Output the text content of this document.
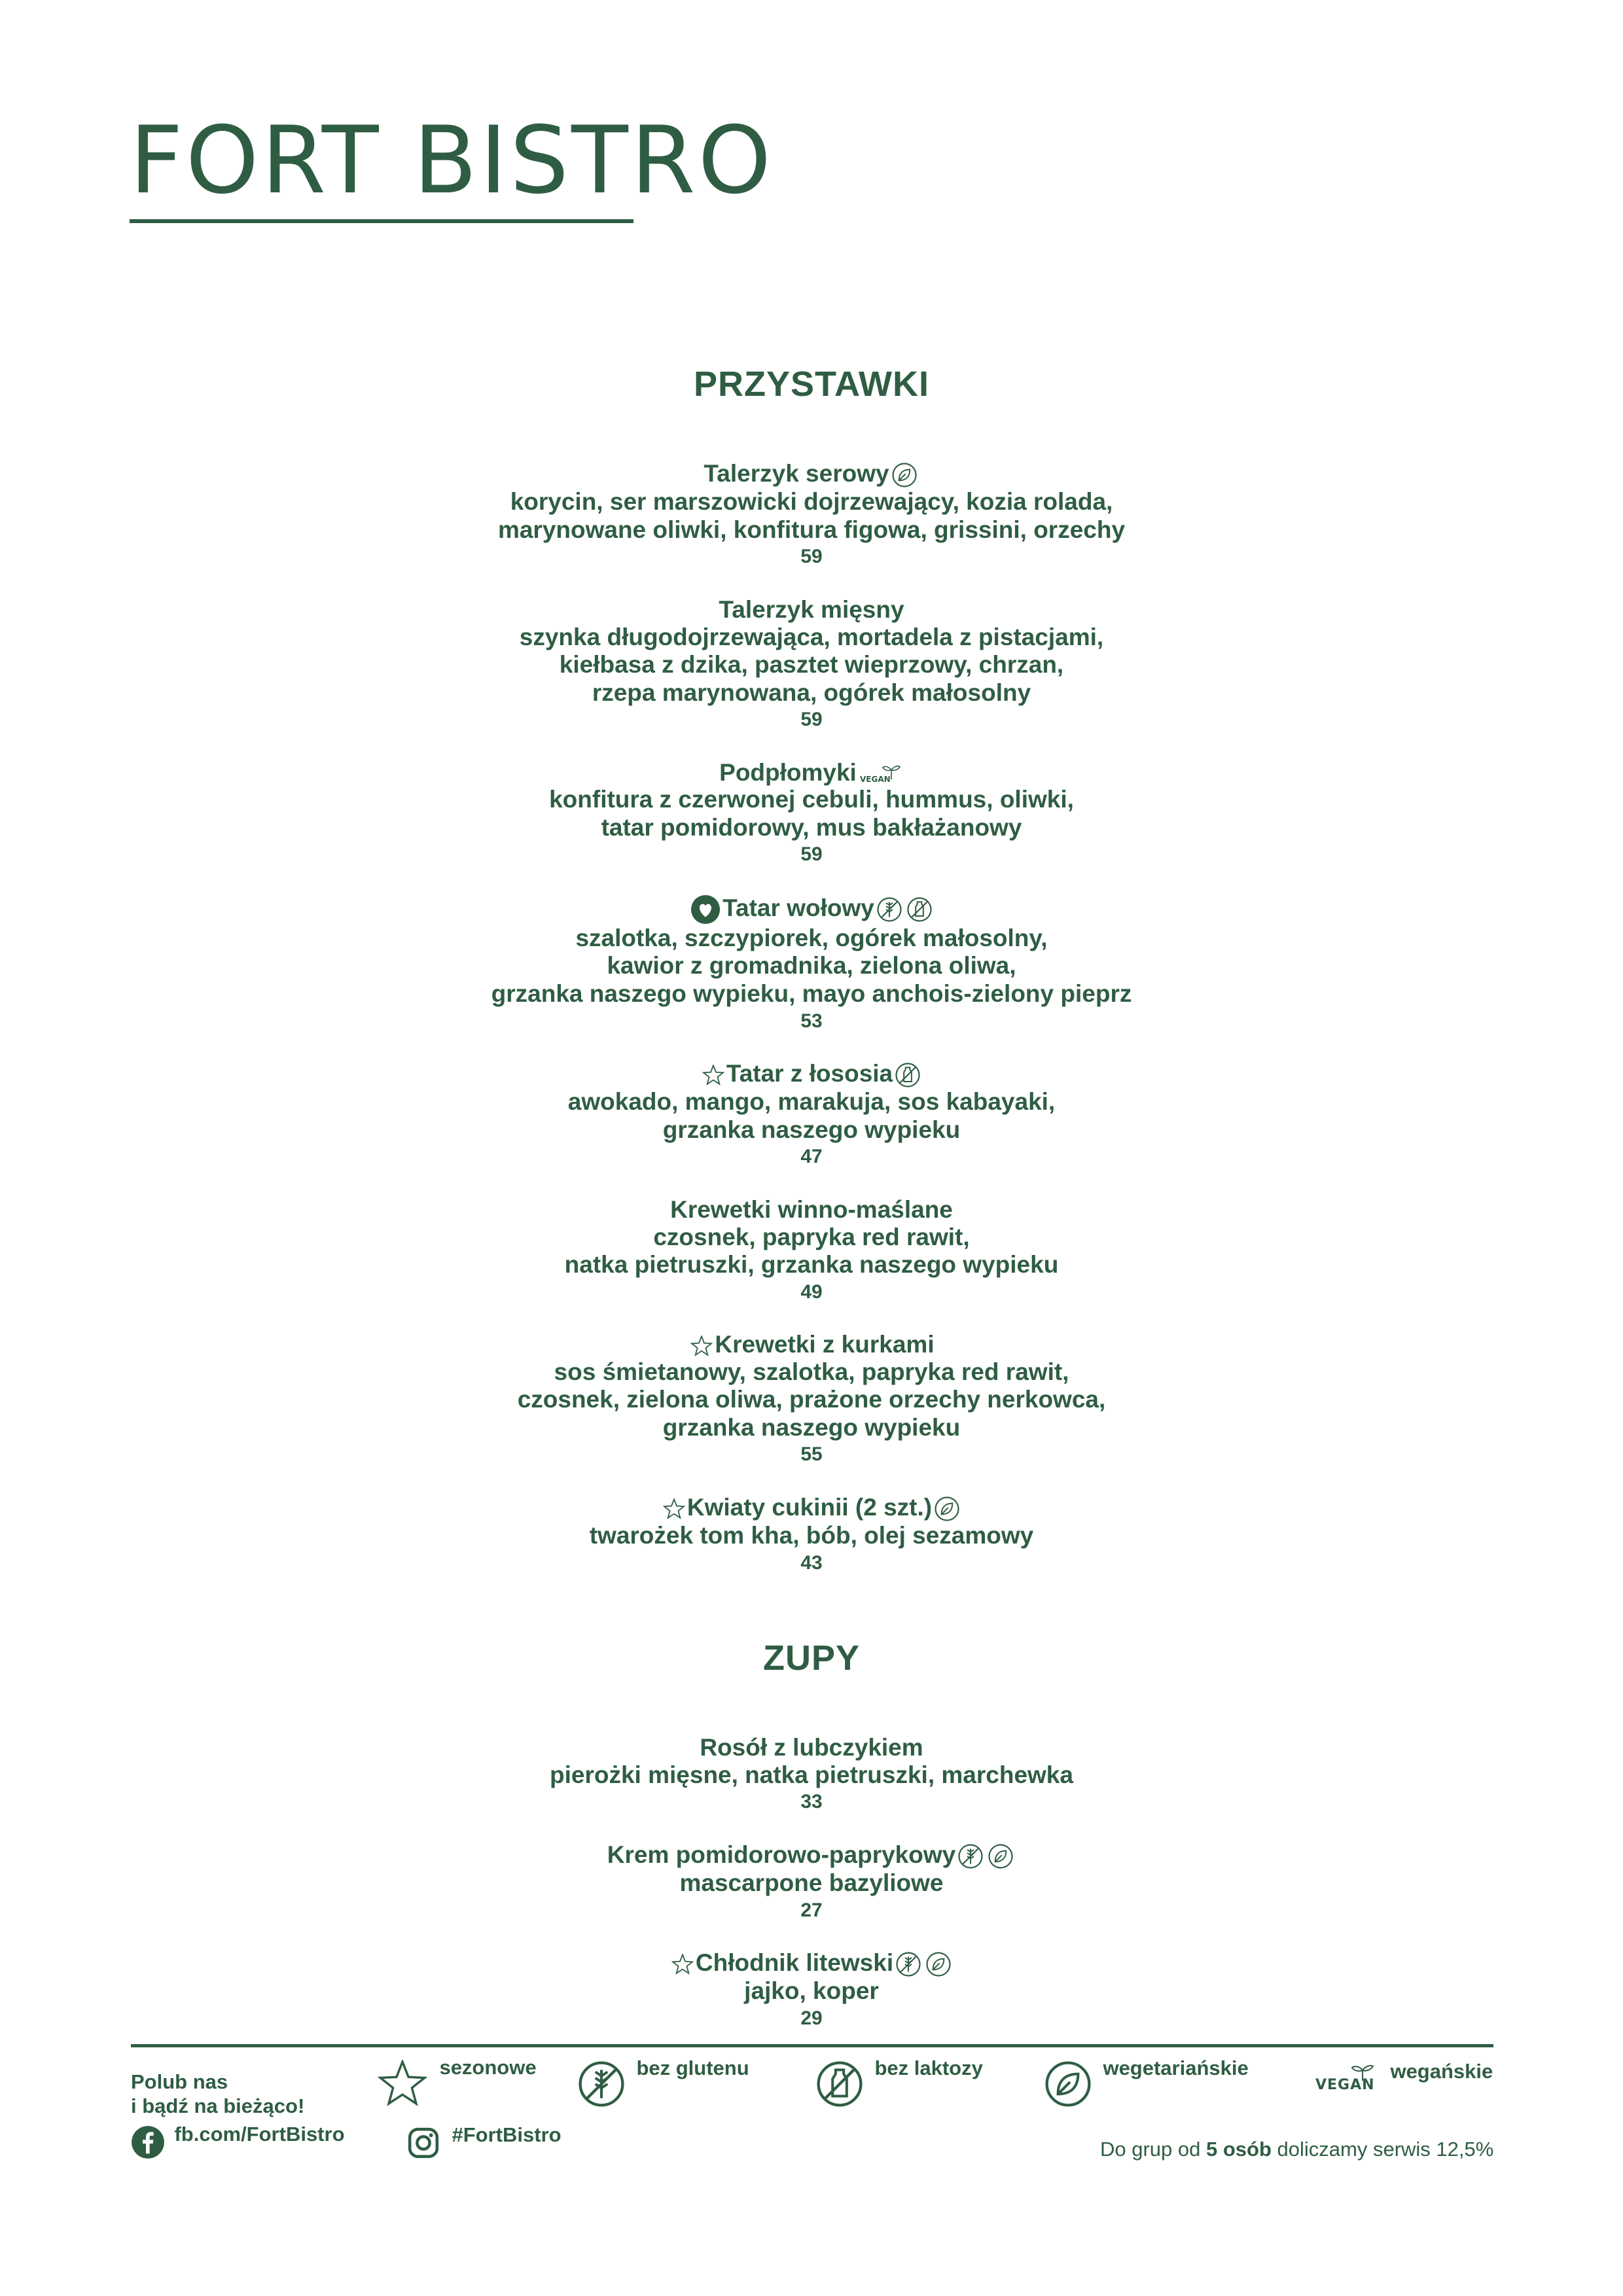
FORT BISTRO
PRZYSTAWKI
Talerzyk serowy
korycin, ser marszowicki dojrzewający, kozia rolada,
marynowane oliwki, konfitura figowa, grissini, orzechy
59
Talerzyk mięsny
szynka długodojrzewająca, mortadela z pistacjami,
kiełbasa z dzika, pasztet wieprzowy, chrzan,
rzepa marynowana, ogórek małosolny
59
Podpłomyki VEGAN
konfitura z czerwonej cebuli, hummus, oliwki,
tatar pomidorowy, mus bakłażanowy
59
Tatar wołowy
szalotka, szczypiorek, ogórek małosolny,
kawior z gromadnika, zielona oliwa,
grzanka naszego wypieku, mayo anchois-zielony pieprz
53
Tatar z łososia
awokado, mango, marakuja, sos kabayaki,
grzanka naszego wypieku
47
Krewetki winno-maślane
czosnek, papryka red rawit,
natka pietruszki, grzanka naszego wypieku
49
Krewetki z kurkami
sos śmietanowy, szalotka, papryka red rawit,
czosnek, zielona oliwa, prażone orzechy nerkowca,
grzanka naszego wypieku
55
Kwiaty cukinii (2 szt.)
twarożek tom kha, bób, olej sezamowy
43
ZUPY
Rosół z lubczykiem
pierożki mięsne, natka pietruszki, marchewka
33
Krem pomidorowo-paprykowy
mascarpone bazyliowe
27
Chłodnik litewski
jajko, koper
29
Polub nas
i bądź na bieżąco!
sezonowe	bez glutenu	bez laktozy	wegetariańskie
VEGAN
wegańskie
fb.com/FortBistro	#FortBistro
Do grup od 5 osób doliczamy serwis 12,5%
